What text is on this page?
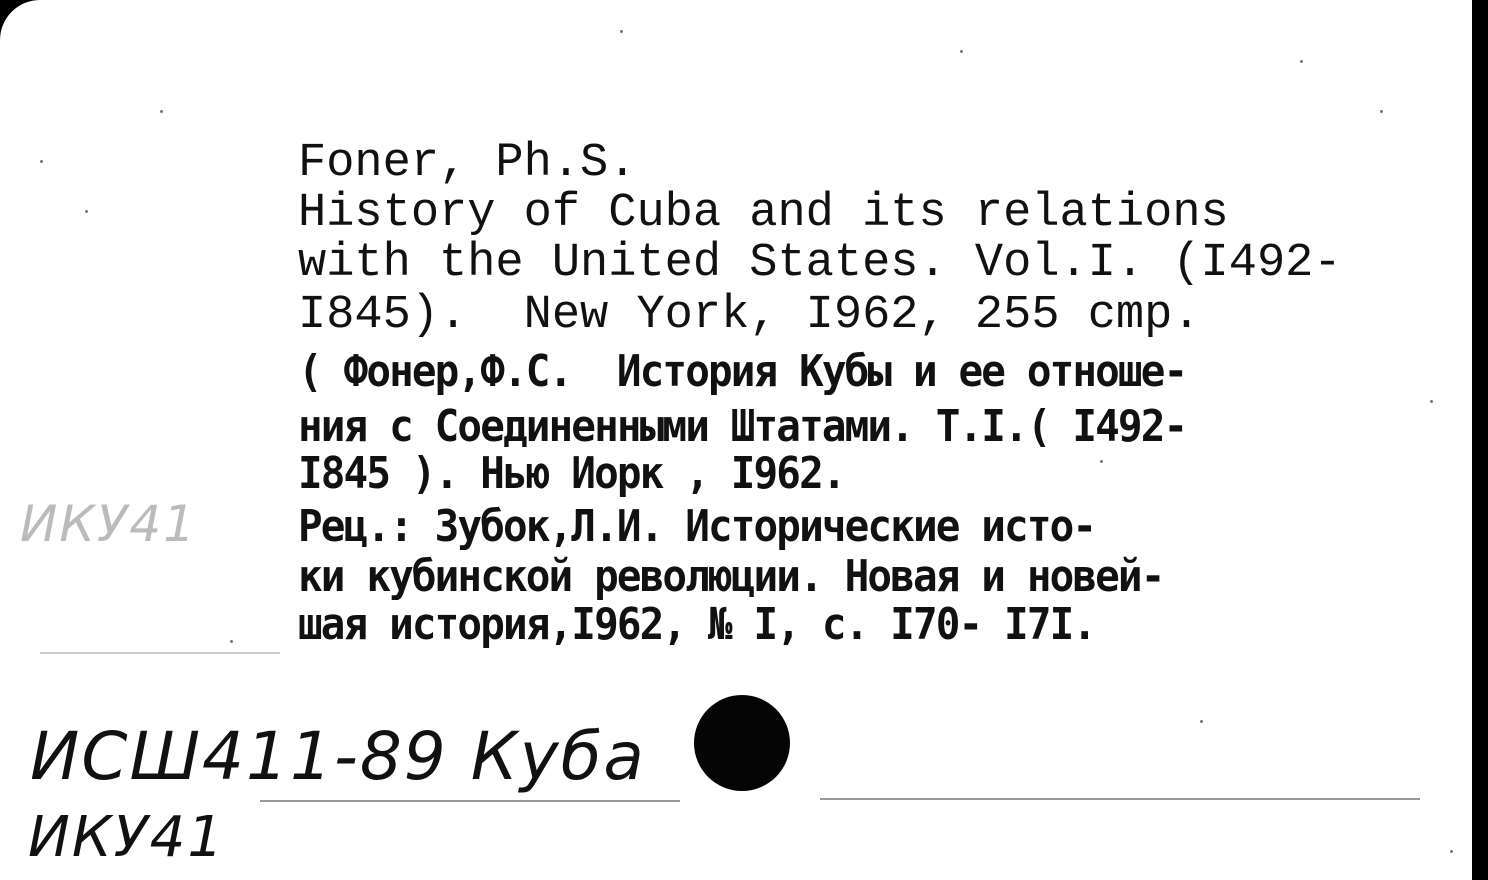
Foner, Ph.S.
History of Cuba and its relations
with the United States. Vol.I. (I492-
I845).  New York, I962, 255 cmp.
( Фонер,Ф.С.  История Кубы и ее отноше-
ния с Соединенными Штатами. Т.I.( I492-
I845 ). Нью Иорк , I962.
Рец.: Зубок,Л.И. Исторические исто-
ки кубинской революции. Новая и новей-
шая история,I962, № I, с. I70- I7I.
ИКУ41
ИСШ411-89 Куба
ИКУ41
